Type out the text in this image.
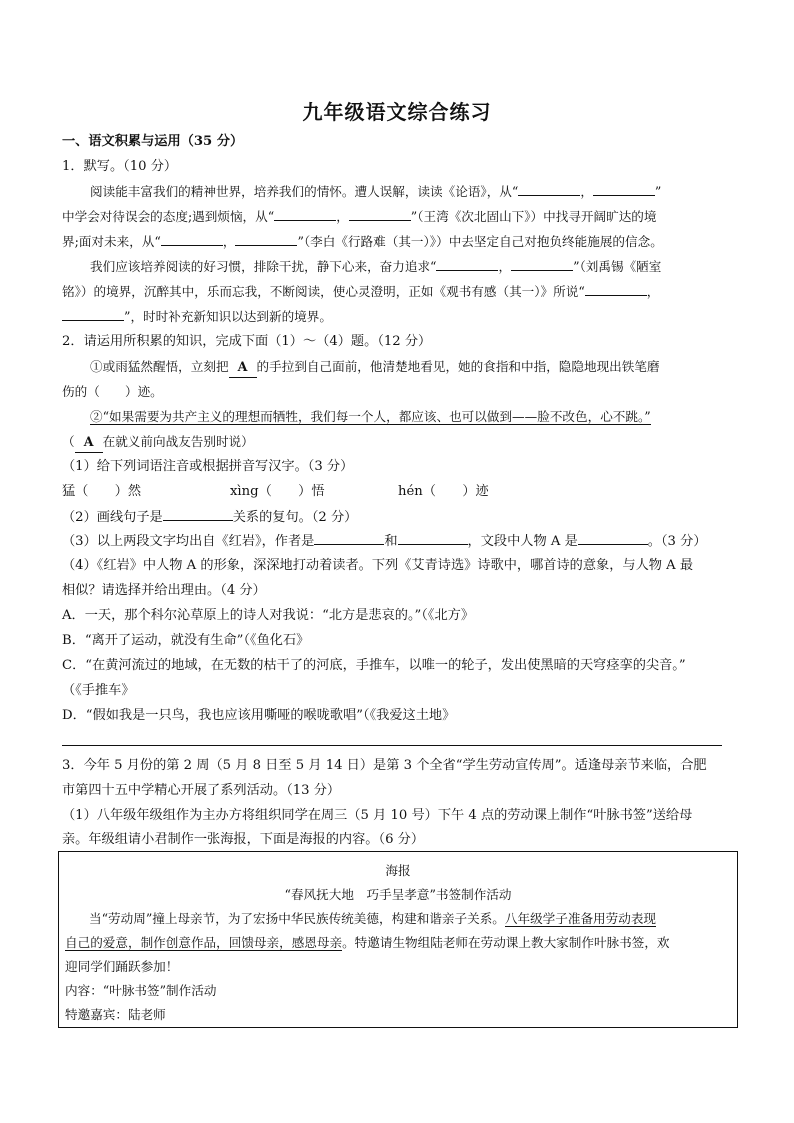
九年级语文综合练习
一、语文积累与运用（35 分）
1．默写。（10 分）
阅读能丰富我们的精神世界，培养我们的情怀。遭人误解，读读《论语》，从“	，	”
中学会对待误会的态度;遇到烦恼，从“	，	”（王湾《次北固山下》）中找寻开阔旷达的境
界;面对未来，从“	，	”（李白《行路难（其一）》）中去坚定自己对抱负终能施展的信念。
我们应该培养阅读的好习惯，排除干扰，静下心来，奋力追求“	，	”（刘禹锡《陋室
铭》）的境界，沉醉其中，乐而忘我，不断阅读，使心灵澄明，正如《观书有感（其一）》所说“	，
”，时时补充新知识以达到新的境界。
2．请运用所积累的知识，完成下面（1）～（4）题。（12 分）
①或雨猛然醒悟，立刻把 A 的手拉到自己面前，他清楚地看见，她的食指和中指，隐隐地现出铁笔磨
伤的（　　）迹。
②“如果需要为共产主义的理想而牺牲，我们每一个人，都应该、也可以做到——脸不改色，心不跳。”
（ A 在就义前向战友告别时说）
（1）给下列词语注音或根据拼音写汉字。（3 分）
猛（　　）然	xìng（　　）悟	hén（　　）迹
（2）画线句子是	关系的复句。（2 分）
（3）以上两段文字均出自《红岩》，作者是	和	，文段中人物 A 是	。（3 分）
（4）《红岩》中人物 A 的形象，深深地打动着读者。下列《艾青诗选》诗歌中，哪首诗的意象，与人物 A 最
相似？请选择并给出理由。（4 分）
A．一天，那个科尔沁草原上的诗人对我说：“北方是悲哀的。”（《北方》
B．“离开了运动，就没有生命”（《鱼化石》
C．“在黄河流过的地域，在无数的枯干了的河底，手推车，以唯一的轮子，发出使黑暗的天穹痉挛的尖音。”
（《手推车》
D．“假如我是一只鸟，我也应该用嘶哑的喉咙歌唱”（《我爱这土地》
3．今年 5 月份的第 2 周（5 月 8 日至 5 月 14 日）是第 3 个全省“学生劳动宣传周”。适逢母亲节来临，合肥
市第四十五中学精心开展了系列活动。（13 分）
（1）八年级年级组作为主办方将组织同学在周三（5 月 10 号）下午 4 点的劳动课上制作“叶脉书签”送给母
亲。年级组请小君制作一张海报，下面是海报的内容。（6 分）
海报
“春风抚大地　巧手呈孝意”书签制作活动
当“劳动周”撞上母亲节，为了宏扬中华民族传统美德，构建和谐亲子关系。八年级学子准备用劳动表现
自己的爱意，制作创意作品，回馈母亲，感恩母亲。特邀请生物组陆老师在劳动课上教大家制作叶脉书签，欢
迎同学们踊跃参加！
内容：“叶脉书签”制作活动
特邀嘉宾：陆老师
